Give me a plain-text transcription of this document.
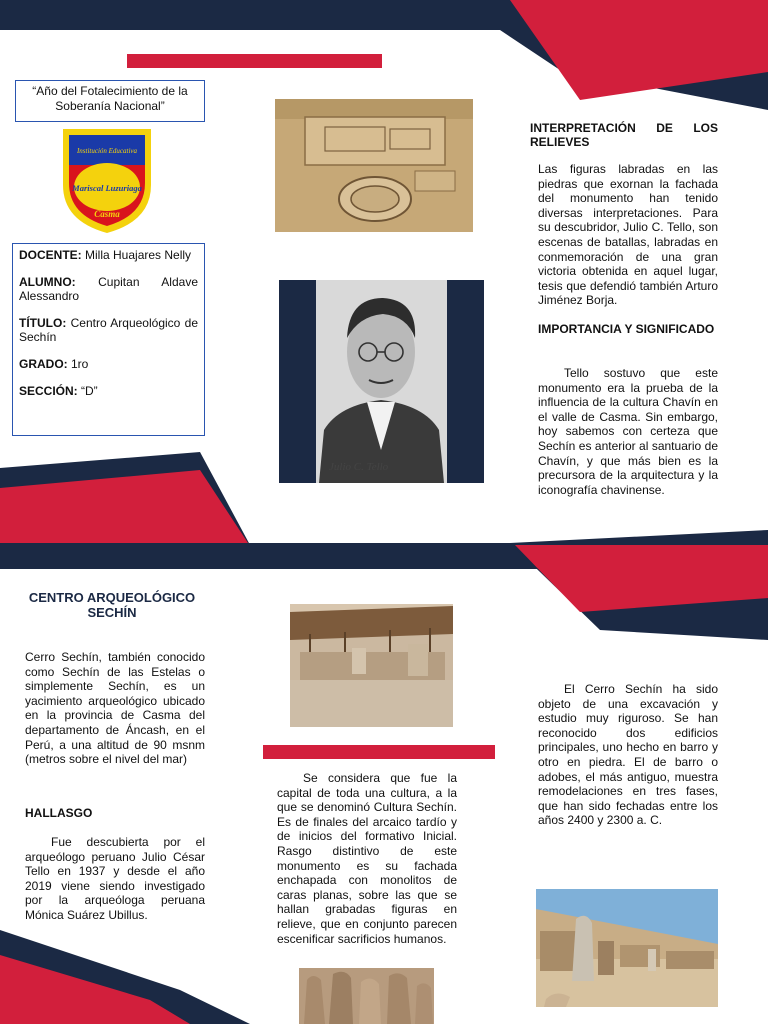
“Año del Fotalecimiento de la Soberanía Nacional”
Institución Educativa
Mariscal Luzuriaga
Casma

DOCENTE: Milla Huajares Nelly

ALUMNO: Cupitan Aldave Alessandro

TÍTULO: Centro Arqueológico de Sechín

GRADO: 1ro

SECCIÓN: “D”

Julio C. Tello
INTERPRETACIÓN DE LOS RELIEVES

Las figuras labradas en las piedras que exornan la fachada del monumento han tenido diversas interpretaciones. Para su descubridor, Julio C. Tello, son escenas de batallas, labradas en conmemoración de una gran victoria obtenida en aquel lugar, tesis que defendió también Arturo Jiménez Borja.

IMPORTANCIA Y SIGNIFICADO

Tello sostuvo que este monumento era la prueba de la influencia de la cultura Chavín en el valle de Casma. Sin embargo, hoy sabemos con certeza que Sechín es anterior al santuario de Chavín, y que más bien es la precursora de la arquitectura y la iconografía chavinense.

CENTRO ARQUEOLÓGICO SECHÍN

Cerro Sechín, también conocido como Sechín de las Estelas o simplemente Sechín, es un yacimiento arqueológico ubicado en la provincia de Casma del departamento de Áncash, en el Perú, a una altitud de 90 msnm (metros sobre el nivel del mar)

HALLASGO

Fue descubierta por el arqueólogo peruano Julio César Tello en 1937 y desde el año 2019 viene siendo investigado por la arqueóloga peruana Mónica Suárez Ubillus.

Se considera que fue la capital de toda una cultura, a la que se denominó Cultura Sechín. Es de finales del arcaico tardío y de inicios del formativo Inicial. Rasgo distintivo de este monumento es su fachada enchapada con monolitos de caras planas, sobre las que se hallan grabadas figuras en relieve, que en conjunto parecen escenificar sacrificios humanos.

El Cerro Sechín ha sido objeto de una excavación y estudio muy riguroso. Se han reconocido dos edificios principales, uno hecho en barro y otro en piedra. El de barro o adobes, el más antiguo, muestra remodelaciones en tres fases, que han sido fechadas entre los años 2400 y 2300 a. C.
